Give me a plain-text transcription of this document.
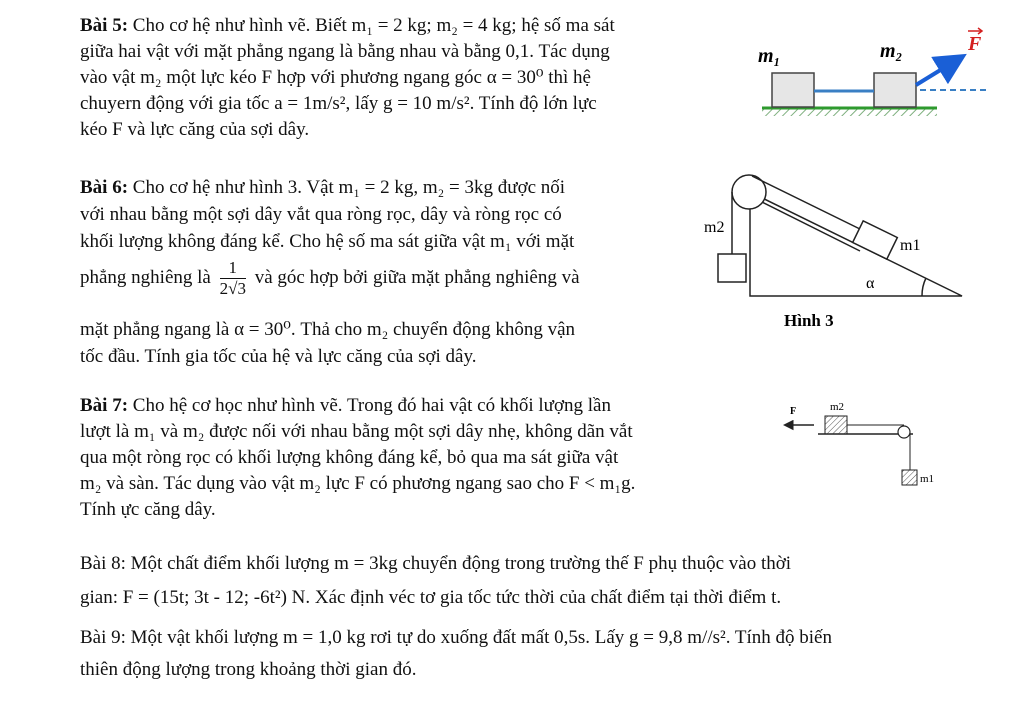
Bài 5: Cho cơ hệ như hình vẽ. Biết m₁ = 2 kg; m₂ = 4 kg; hệ số ma sát
giữa hai vật với mặt phẳng ngang là bằng nhau và bằng 0,1. Tác dụng
vào vật m₂ một lực kéo F hợp với phương ngang góc α = 30⁰ thì hệ
chuyern động với gia tốc a = 1m/s², lấy g = 10 m/s². Tính độ lớn lực
kéo F và lực căng của sợi dây.
m₁	m₂	F
Bài 6: Cho cơ hệ như hình 3. Vật m₁ = 2 kg, m₂ = 3kg được nối
với nhau bằng một sợi dây vắt qua ròng rọc, dây và ròng rọc có
khối lượng không đáng kể. Cho hệ số ma sát giữa vật m₁ với mặt
phẳng nghiêng là $\frac{1}{2√3}$ và góc hợp bởi giữa mặt phẳng nghiêng và
mặt phẳng ngang là α = 30⁰. Thả cho m₂ chuyển động không vận
tốc đầu. Tính gia tốc của hệ và lực căng của sợi dây.
m2
m1
α
Hình 3
Bài 7: Cho hệ cơ học như hình vẽ. Trong đó hai vật có khối lượng lần
lượt là m₁ và m₂ được nối với nhau bằng một sợi dây nhẹ, không dãn vắt
qua một ròng rọc có khối lượng không đáng kể, bỏ qua ma sát giữa vật
m₂ và sàn. Tác dụng vào vật m₂ lực F có phương ngang sao cho F < m₁g.
Tính ực căng dây.
F	m2
m1
Bài 8: Một chất điểm khối lượng m = 3kg chuyển động trong trường thế F phụ thuộc vào thời
gian: F = (15t; 3t - 12; -6t²) N. Xác định véc tơ gia tốc tức thời của chất điểm tại thời điểm t.
Bài 9: Một vật khối lượng m = 1,0 kg rơi tự do xuống đất mất 0,5s. Lấy g = 9,8 m//s². Tính độ biến
thiên động lượng trong khoảng thời gian đó.
